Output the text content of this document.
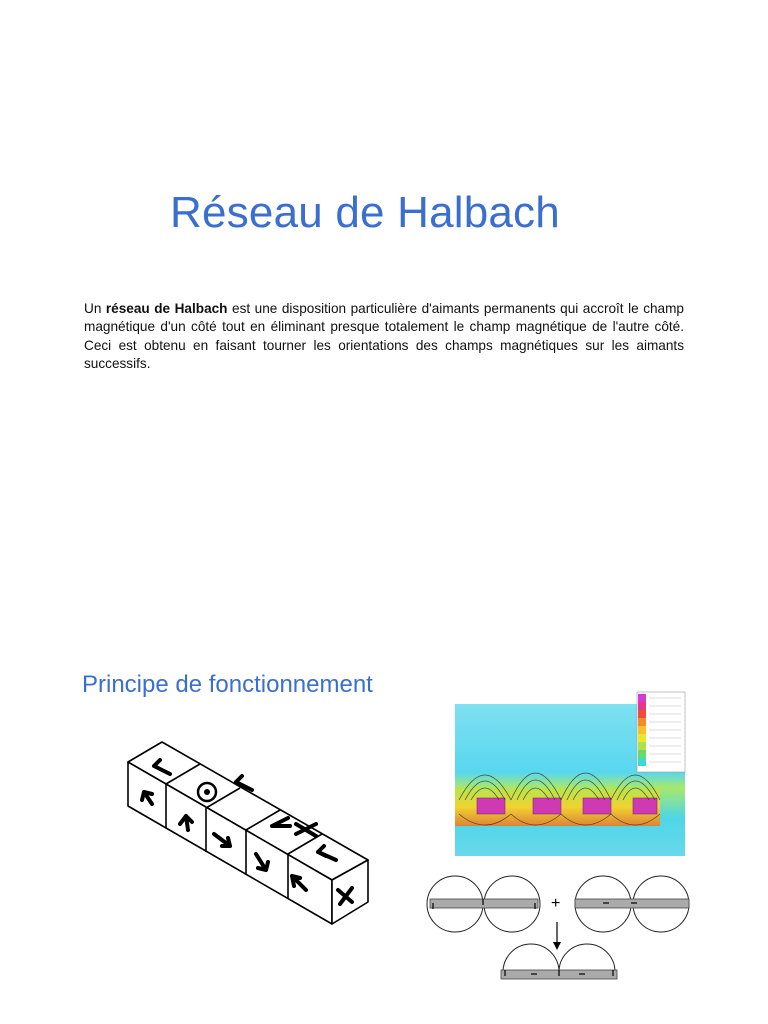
Réseau de Halbach

Un réseau de Halbach est une disposition particulière d'aimants permanents qui accroît le champ magnétique d'un côté tout en éliminant presque totalement le champ magnétique de l'autre côté. Ceci est obtenu en faisant tourner les orientations des champs magnétiques sur les aimants successifs.

Principe de fonctionnement
+
